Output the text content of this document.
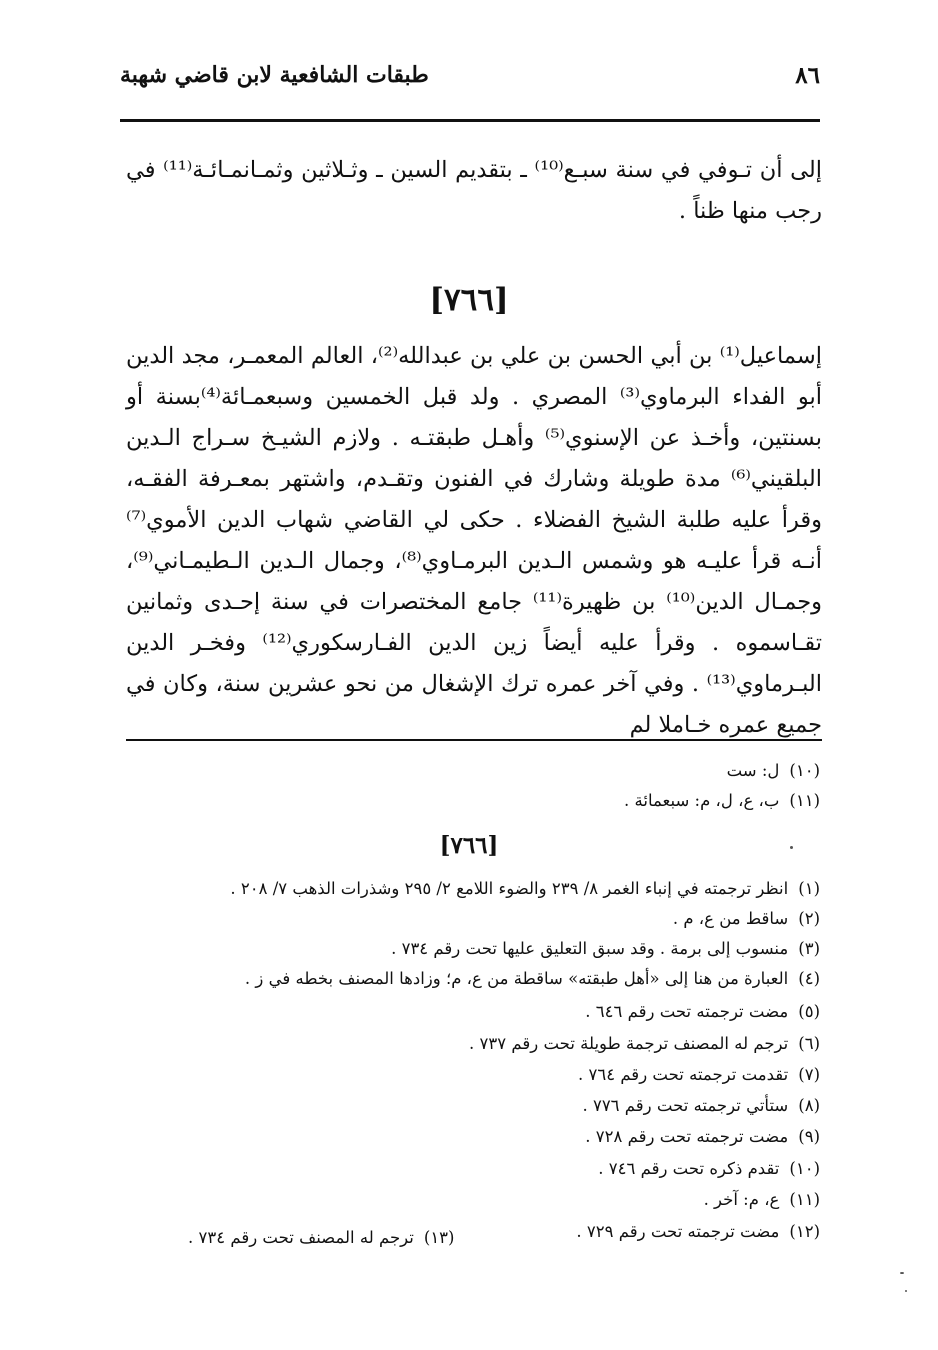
٨٦
طبقات الشافعية لابن قاضي شهبة
إلى أن تـوفي في سنة سبـع⁽¹⁰⁾ ـ بتقديم السين ـ وثـلاثين وثمـانمـائـة⁽¹¹⁾ في رجب منها ظناً .
[٧٦٦]

إسماعيل⁽¹⁾ بن أبي الحسن بن علي بن عبدالله⁽²⁾، العالم المعمـر، مجد الدين أبو الفداء البرماوي⁽³⁾ المصري . ولد قبل الخمسين وسبعمـائة⁽⁴⁾بسنة أو بسنتين، وأخـذ عن الإسنوي⁽⁵⁾ وأهـل طبقتـه . ولازم الشيـخ سـراج الـدين البلقيني⁽⁶⁾ مدة طويلة وشارك في الفنون وتقـدم، واشتهر بمعـرفة الفقـه، وقرأ عليه طلبة الشيخ الفضلاء . حكى لي القاضي شهاب الدين الأموي⁽⁷⁾ أنـه قرأ عليـه هو وشمس الـدين البرمـاوي⁽⁸⁾، وجمال الـدين الـطيمـاني⁽⁹⁾، وجمـال الدين⁽¹⁰⁾ بن ظهيرة⁽¹¹⁾ جامع المختصرات في سنة إحـدى وثمانين تقـاسموه . وقرأ عليه أيضاً زين الدين الفـارسكوري⁽¹²⁾ وفخـر الدين البـرماوي⁽¹³⁾ . وفي آخر عمره ترك الإشغال من نحو عشرين سنة، وكان في جميع عمره خـاملا لم

(١٠)ل: ست
(١١)ب، ع، ل، م: سبعمائة .
[٧٦٦]
(١)انظر ترجمته في إنباء الغمر ٨/ ٢٣٩ والضوء اللامع ٢/ ٢٩٥ وشذرات الذهب ٧/ ٢٠٨ .
(٢)ساقط من ع، م .
(٣)منسوب إلى برمة . وقد سبق التعليق عليها تحت رقم ٧٣٤ .
(٤)العبارة من هنا إلى «أهل طبقته» ساقطة من ع، م؛ وزادها المصنف بخطه في ز .
(٥)مضت ترجمته تحت رقم ٦٤٦ .
(٦)ترجم له المصنف ترجمة طويلة تحت رقم ٧٣٧ .
(٧)تقدمت ترجمته تحت رقم ٧٦٤ .
(٨)ستأتي ترجمته تحت رقم ٧٧٦ .
(٩)مضت ترجمته تحت رقم ٧٢٨ .
(١٠)تقدم ذكره تحت رقم ٧٤٦ .
(١١)ع، م: آخر .
(١٢)مضت ترجمته تحت رقم ٧٢٩ .
(١٣)ترجم له المصنف تحت رقم ٧٣٤ .
